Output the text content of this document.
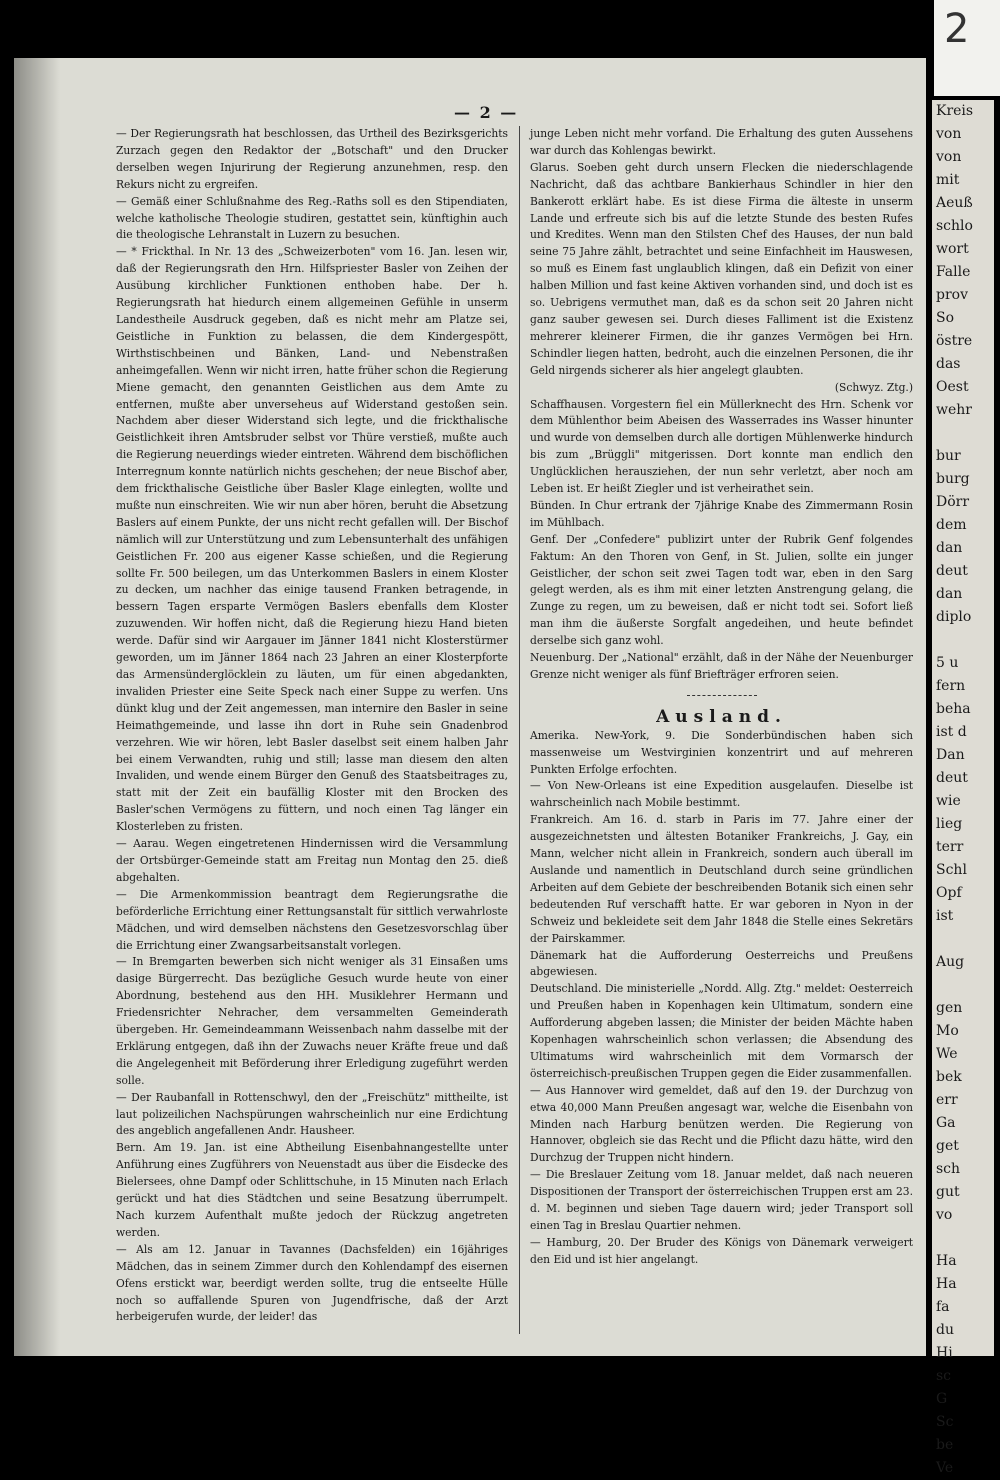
— 2 —

— Der Regierungsrath hat beschlossen, das Urtheil des Bezirksgerichts Zurzach gegen den Redaktor der „Botschaft" und den Drucker derselben wegen Injurirung der Regierung anzunehmen, resp. den Rekurs nicht zu ergreifen.

— Gemäß einer Schlußnahme des Reg.-Raths soll es den Stipendiaten, welche katholische Theologie studiren, gestattet sein, künftighin auch die theologische Lehranstalt in Luzern zu besuchen.

— * Frickthal. In Nr. 13 des „Schweizerboten" vom 16. Jan. lesen wir, daß der Regierungsrath den Hrn. Hilfspriester Basler von Zeihen der Ausübung kirchlicher Funktionen enthoben habe. Der h. Regierungsrath hat hiedurch einem allgemeinen Gefühle in unserm Landestheile Ausdruck gegeben, daß es nicht mehr am Platze sei, Geistliche in Funktion zu belassen, die dem Kindergespött, Wirthstischbeinen und Bänken, Land- und Nebenstraßen anheimgefallen. Wenn wir nicht irren, hatte früher schon die Regierung Miene gemacht, den genannten Geistlichen aus dem Amte zu entfernen, mußte aber unverseheus auf Widerstand gestoßen sein. Nachdem aber dieser Widerstand sich legte, und die frickthalische Geistlichkeit ihren Amtsbruder selbst vor Thüre verstieß, mußte auch die Regierung neuerdings wieder eintreten. Während dem bischöflichen Interregnum konnte natürlich nichts geschehen; der neue Bischof aber, dem frickthalische Geistliche über Basler Klage einlegten, wollte und mußte nun einschreiten. Wie wir nun aber hören, beruht die Absetzung Baslers auf einem Punkte, der uns nicht recht gefallen will. Der Bischof nämlich will zur Unterstützung und zum Lebensunterhalt des unfähigen Geistlichen Fr. 200 aus eigener Kasse schießen, und die Regierung sollte Fr. 500 beilegen, um das Unterkommen Baslers in einem Kloster zu decken, um nachher das einige tausend Franken betragende, in bessern Tagen ersparte Vermögen Baslers ebenfalls dem Kloster zuzuwenden. Wir hoffen nicht, daß die Regierung hiezu Hand bieten werde. Dafür sind wir Aargauer im Jänner 1841 nicht Klosterstürmer geworden, um im Jänner 1864 nach 23 Jahren an einer Klosterpforte das Armensünderglöcklein zu läuten, um für einen abgedankten, invaliden Priester eine Seite Speck nach einer Suppe zu werfen. Uns dünkt klug und der Zeit angemessen, man internire den Basler in seine Heimathgemeinde, und lasse ihn dort in Ruhe sein Gnadenbrod verzehren. Wie wir hören, lebt Basler daselbst seit einem halben Jahr bei einem Verwandten, ruhig und still; lasse man diesem den alten Invaliden, und wende einem Bürger den Genuß des Staatsbeitrages zu, statt mit der Zeit ein baufällig Kloster mit den Brocken des Basler'schen Vermögens zu füttern, und noch einen Tag länger ein Klosterleben zu fristen.

— Aarau. Wegen eingetretenen Hindernissen wird die Versammlung der Ortsbürger-Gemeinde statt am Freitag nun Montag den 25. dieß abgehalten.

— Die Armenkommission beantragt dem Regierungsrathe die beförderliche Errichtung einer Rettungsanstalt für sittlich verwahrloste Mädchen, und wird demselben nächstens den Gesetzesvorschlag über die Errichtung einer Zwangsarbeitsanstalt vorlegen.

— In Bremgarten bewerben sich nicht weniger als 31 Einsaßen ums dasige Bürgerrecht. Das bezügliche Gesuch wurde heute von einer Abordnung, bestehend aus den HH. Musiklehrer Hermann und Friedensrichter Nehracher, dem versammelten Gemeinderath übergeben. Hr. Gemeindeammann Weissenbach nahm dasselbe mit der Erklärung entgegen, daß ihn der Zuwachs neuer Kräfte freue und daß die Angelegenheit mit Beförderung ihrer Erledigung zugeführt werden solle.

— Der Raubanfall in Rottenschwyl, den der „Freischütz" mittheilte, ist laut polizeilichen Nachspürungen wahrscheinlich nur eine Erdichtung des angeblich angefallenen Andr. Hausheer.

Bern. Am 19. Jan. ist eine Abtheilung Eisenbahnangestellte unter Anführung eines Zugführers von Neuenstadt aus über die Eisdecke des Bielersees, ohne Dampf oder Schlittschuhe, in 15 Minuten nach Erlach gerückt und hat dies Städtchen und seine Besatzung überrumpelt. Nach kurzem Aufenthalt mußte jedoch der Rückzug angetreten werden.

— Als am 12. Januar in Tavannes (Dachsfelden) ein 16jähriges Mädchen, das in seinem Zimmer durch den Kohlendampf des eisernen Ofens erstickt war, beerdigt werden sollte, trug die entseelte Hülle noch so auffallende Spuren von Jugendfrische, daß der Arzt herbeigerufen wurde, der leider! das

junge Leben nicht mehr vorfand. Die Erhaltung des guten Aussehens war durch das Kohlengas bewirkt.

Glarus. Soeben geht durch unsern Flecken die niederschlagende Nachricht, daß das achtbare Bankierhaus Schindler in hier den Bankerott erklärt habe. Es ist diese Firma die älteste in unserm Lande und erfreute sich bis auf die letzte Stunde des besten Rufes und Kredites. Wenn man den Stilsten Chef des Hauses, der nun bald seine 75 Jahre zählt, betrachtet und seine Einfachheit im Hauswesen, so muß es Einem fast unglaublich klingen, daß ein Defizit von einer halben Million und fast keine Aktiven vorhanden sind, und doch ist es so. Uebrigens vermuthet man, daß es da schon seit 20 Jahren nicht ganz sauber gewesen sei. Durch dieses Falliment ist die Existenz mehrerer kleinerer Firmen, die ihr ganzes Vermögen bei Hrn. Schindler liegen hatten, bedroht, auch die einzelnen Personen, die ihr Geld nirgends sicherer als hier angelegt glaubten.

(Schwyz. Ztg.)

Schaffhausen. Vorgestern fiel ein Müllerknecht des Hrn. Schenk vor dem Mühlenthor beim Abeisen des Wasserrades ins Wasser hinunter und wurde von demselben durch alle dortigen Mühlenwerke hindurch bis zum „Brüggli" mitgerissen. Dort konnte man endlich den Unglücklichen herausziehen, der nun sehr verletzt, aber noch am Leben ist. Er heißt Ziegler und ist verheirathet sein.

Bünden. In Chur ertrank der 7jährige Knabe des Zimmermann Rosin im Mühlbach.

Genf. Der „Confedere" publizirt unter der Rubrik Genf folgendes Faktum: An den Thoren von Genf, in St. Julien, sollte ein junger Geistlicher, der schon seit zwei Tagen todt war, eben in den Sarg gelegt werden, als es ihm mit einer letzten Anstrengung gelang, die Zunge zu regen, um zu beweisen, daß er nicht todt sei. Sofort ließ man ihm die äußerste Sorgfalt angedeihen, und heute befindet derselbe sich ganz wohl.

Neuenburg. Der „National" erzählt, daß in der Nähe der Neuenburger Grenze nicht weniger als fünf Briefträger erfroren seien.

Ausland.

Amerika. New-York, 9. Die Sonderbündischen haben sich massenweise um Westvirginien konzentrirt und auf mehreren Punkten Erfolge erfochten.

— Von New-Orleans ist eine Expedition ausgelaufen. Dieselbe ist wahrscheinlich nach Mobile bestimmt.

Frankreich. Am 16. d. starb in Paris im 77. Jahre einer der ausgezeichnetsten und ältesten Botaniker Frankreichs, J. Gay, ein Mann, welcher nicht allein in Frankreich, sondern auch überall im Auslande und namentlich in Deutschland durch seine gründlichen Arbeiten auf dem Gebiete der beschreibenden Botanik sich einen sehr bedeutenden Ruf verschafft hatte. Er war geboren in Nyon in der Schweiz und bekleidete seit dem Jahr 1848 die Stelle eines Sekretärs der Pairskammer.

Dänemark hat die Aufforderung Oesterreichs und Preußens abgewiesen.

Deutschland. Die ministerielle „Nordd. Allg. Ztg." meldet: Oesterreich und Preußen haben in Kopenhagen kein Ultimatum, sondern eine Aufforderung abgeben lassen; die Minister der beiden Mächte haben Kopenhagen wahrscheinlich schon verlassen; die Absendung des Ultimatums wird wahrscheinlich mit dem Vormarsch der österreichisch-preußischen Truppen gegen die Eider zusammenfallen.

— Aus Hannover wird gemeldet, daß auf den 19. der Durchzug von etwa 40,000 Mann Preußen angesagt war, welche die Eisenbahn von Minden nach Harburg benützen werden. Die Regierung von Hannover, obgleich sie das Recht und die Pflicht dazu hätte, wird den Durchzug der Truppen nicht hindern.

— Die Breslauer Zeitung vom 18. Januar meldet, daß nach neueren Dispositionen der Transport der österreichischen Truppen erst am 23. d. M. beginnen und sieben Tage dauern wird; jeder Transport soll einen Tag in Breslau Quartier nehmen.

— Hamburg, 20. Der Bruder des Königs von Dänemark verweigert den Eid und ist hier angelangt.

2
Kreis
von
von
mit
Aeuß
schlo
wort
Falle
prov
So
östre
das
Oest
wehr

bur
burg
Dörr
dem
dan
deut
dan
diplo

5 u
fern
beha
ist d
Dan
deut
wie
lieg
terr
Schl
Opf
ist

Aug

gen
Mo
We
bek
err
Ga
get
sch
gut
vo

Ha
Ha
fa
du
Hi
sc
G
Sc
be
Ve
